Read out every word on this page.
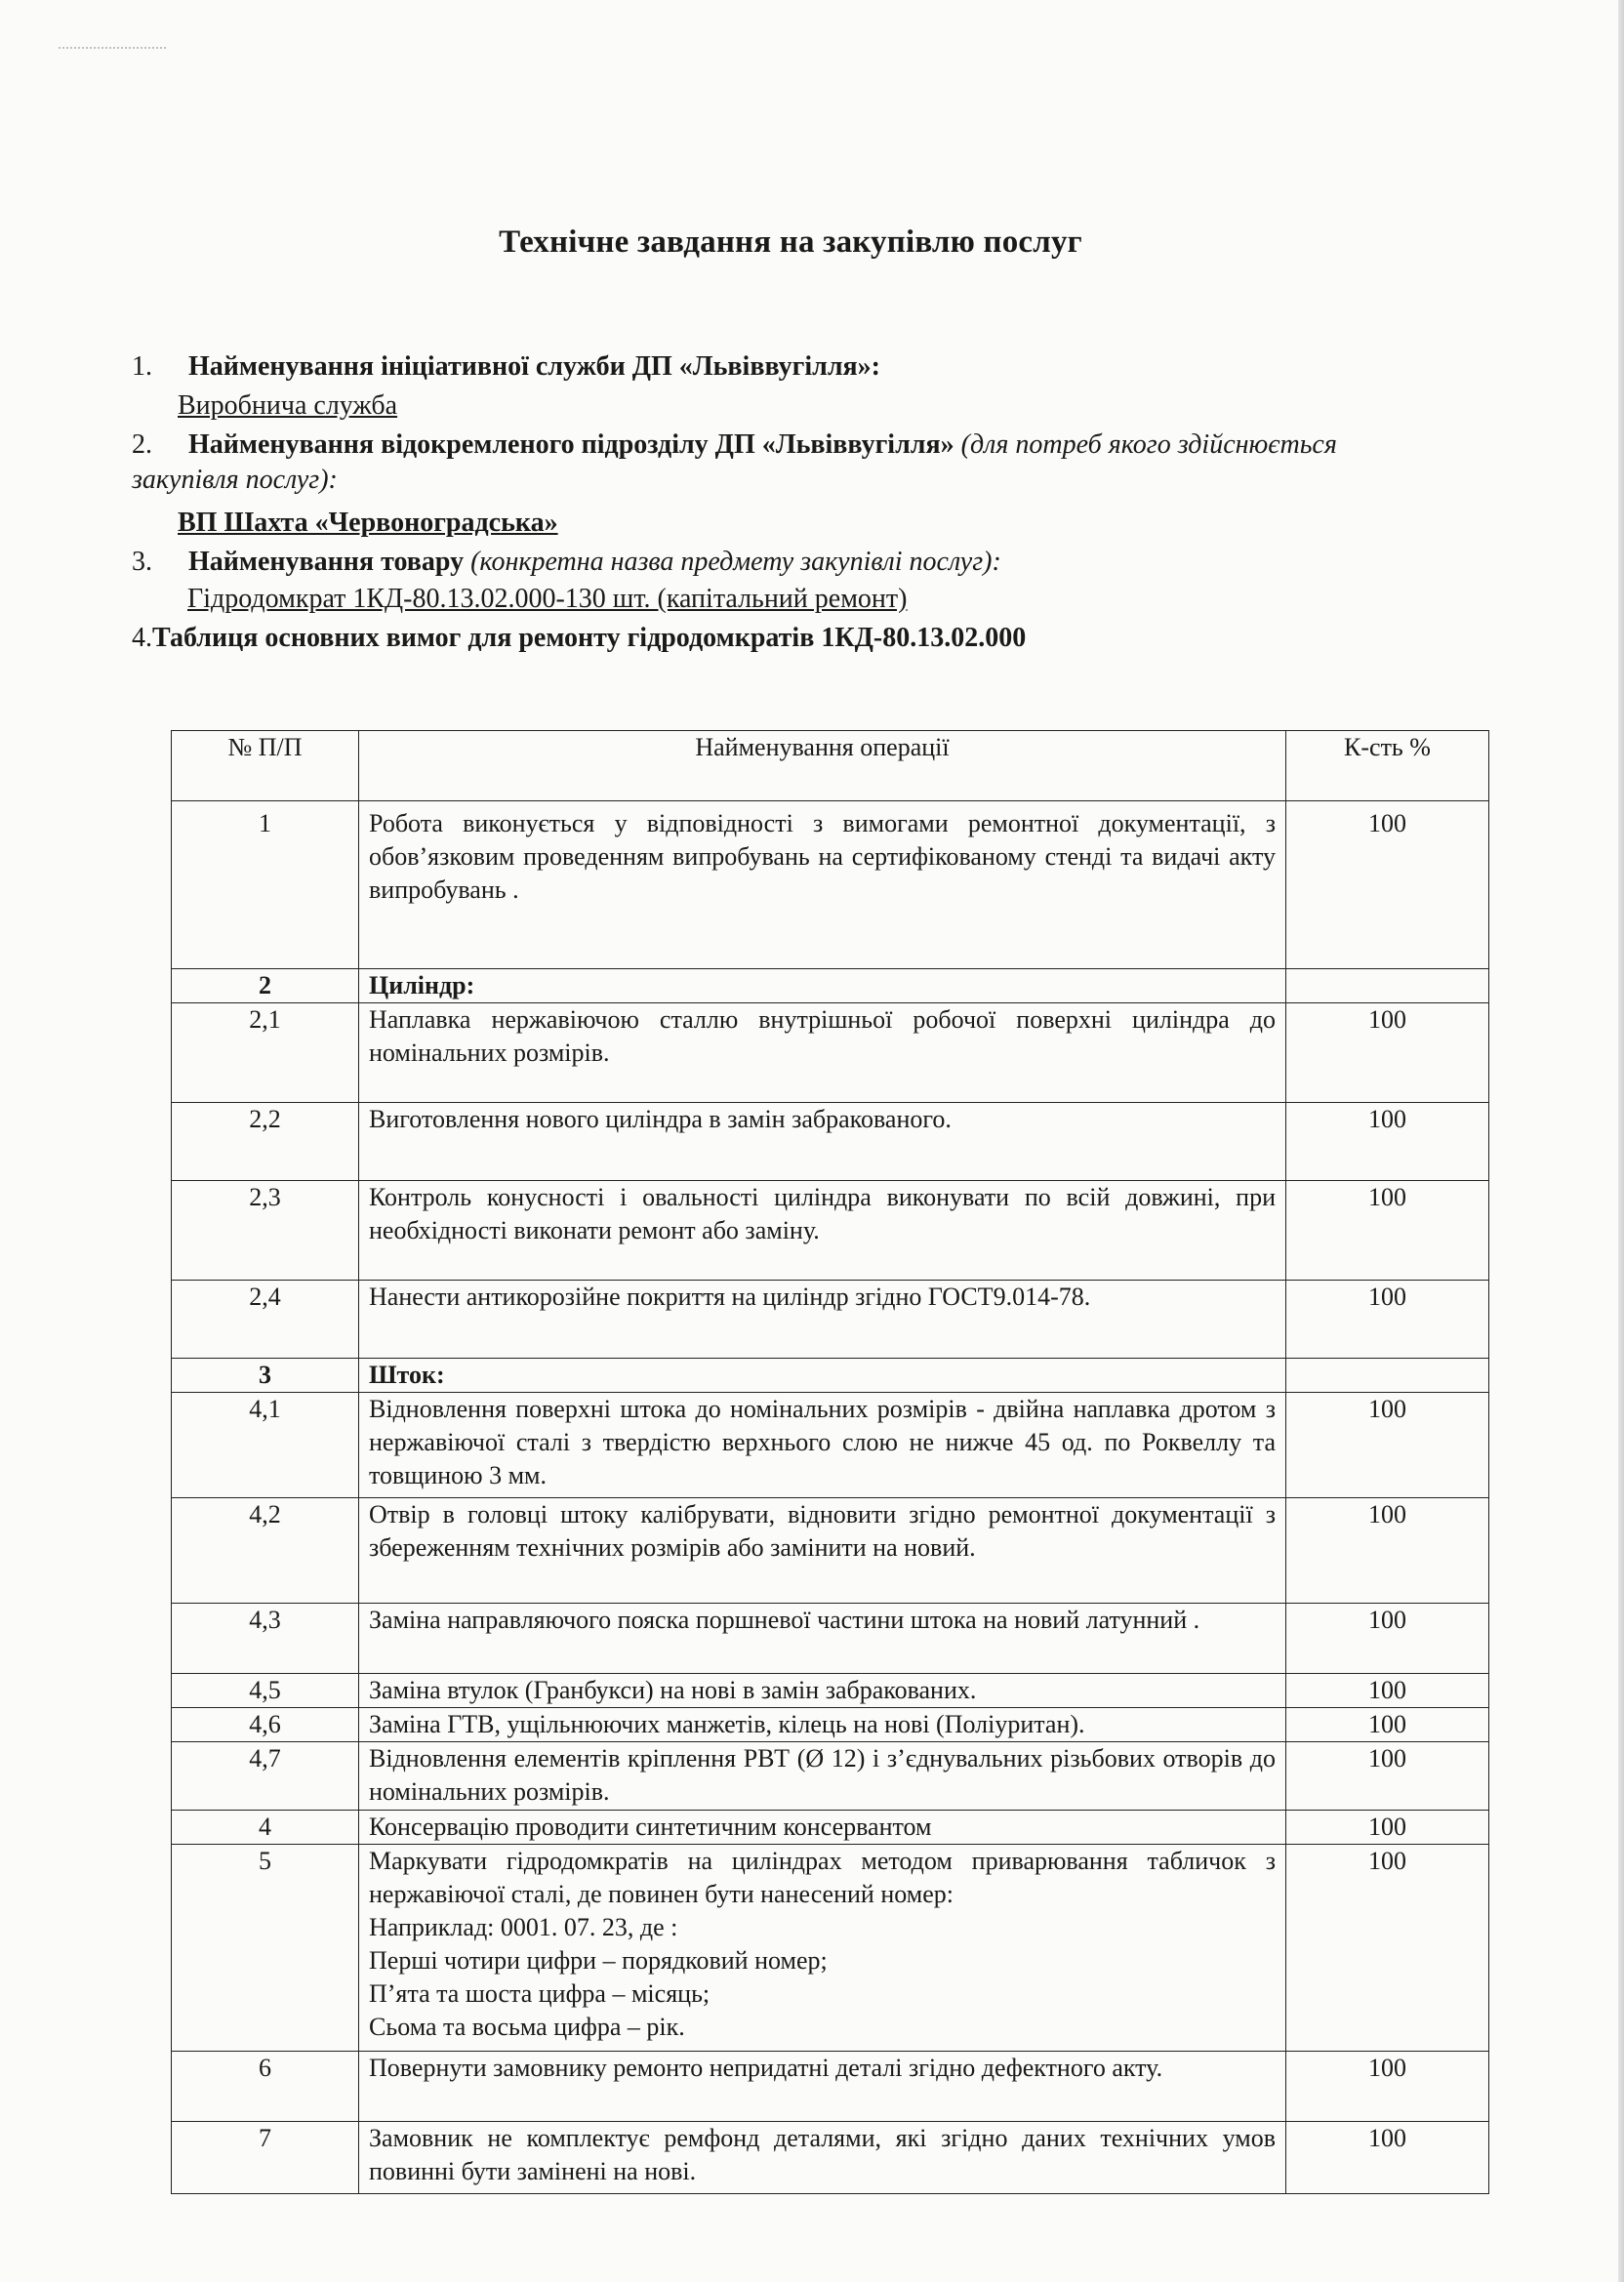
Технічне завдання на закупівлю послуг
1. Найменування ініціативної служби ДП «Львіввугілля»:
Виробнича служба
2. Найменування відокремленого підрозділу ДП «Львіввугілля» (для потреб якого здійснюється закупівля послуг):
ВП Шахта «Червоноградська»
3. Найменування товару (конкретна назва предмету закупівлі послуг):
Гідродомкрат 1КД-80.13.02.000-130 шт. (капітальний ремонт)
4.Таблиця основних вимог для ремонту гідродомкратів 1КД-80.13.02.000
№ П/П	Найменування операції	К-сть %
1	Робота виконується у відповідності з вимогами ремонтної документації, з обов’язковим проведенням випробувань на сертифікованому стенді та видачі акту випробувань .	100
2	Циліндр:	
2,1	Наплавка нержавіючою сталлю внутрішньої робочої поверхні циліндра до номінальних розмірів.	100
2,2	Виготовлення нового циліндра в замін забракованого.	100
2,3	Контроль конусності і овальності циліндра виконувати по всій довжині, при необхідності виконати ремонт або заміну.	100
2,4	Нанести антикорозійне покриття на циліндр згідно ГОСТ9.014-78.	100
3	Шток:	
4,1	Відновлення поверхні штока до номінальних розмірів - двійна наплавка дротом з нержавіючої сталі з твердістю верхнього слою не нижче 45 од. по Роквеллу та товщиною 3 мм.	100
4,2	Отвір в головці штоку калібрувати, відновити згідно ремонтної документації з збереженням технічних розмірів або замінити на новий.	100
4,3	Заміна направляючого пояска поршневої частини штока на новий латунний .	100
4,5	Заміна втулок (Гранбукси) на нові в замін забракованих.	100
4,6	Заміна ГТВ, ущільнюючих манжетів, кілець на нові (Поліуритан).	100
4,7	Відновлення елементів кріплення РВТ (Ø 12) і з’єднувальних різьбових отворів до номінальних розмірів.	100
4	Консервацію проводити синтетичним консервантом	100
5	Маркувати гідродомкратів на циліндрах методом приварювання табличок з нержавіючої сталі, де повинен бути нанесений номер:
Наприклад: 0001. 07. 23, де :
Перші чотири цифри – порядковий номер;
П’ята та шоста цифра – місяць;
Сьома та восьма цифра – рік.	100
6	Повернути замовнику ремонто непридатні деталі згідно дефектного акту.	100
7	Замовник не комплектує ремфонд деталями, які згідно даних технічних умов повинні бути замінені на нові.	100
